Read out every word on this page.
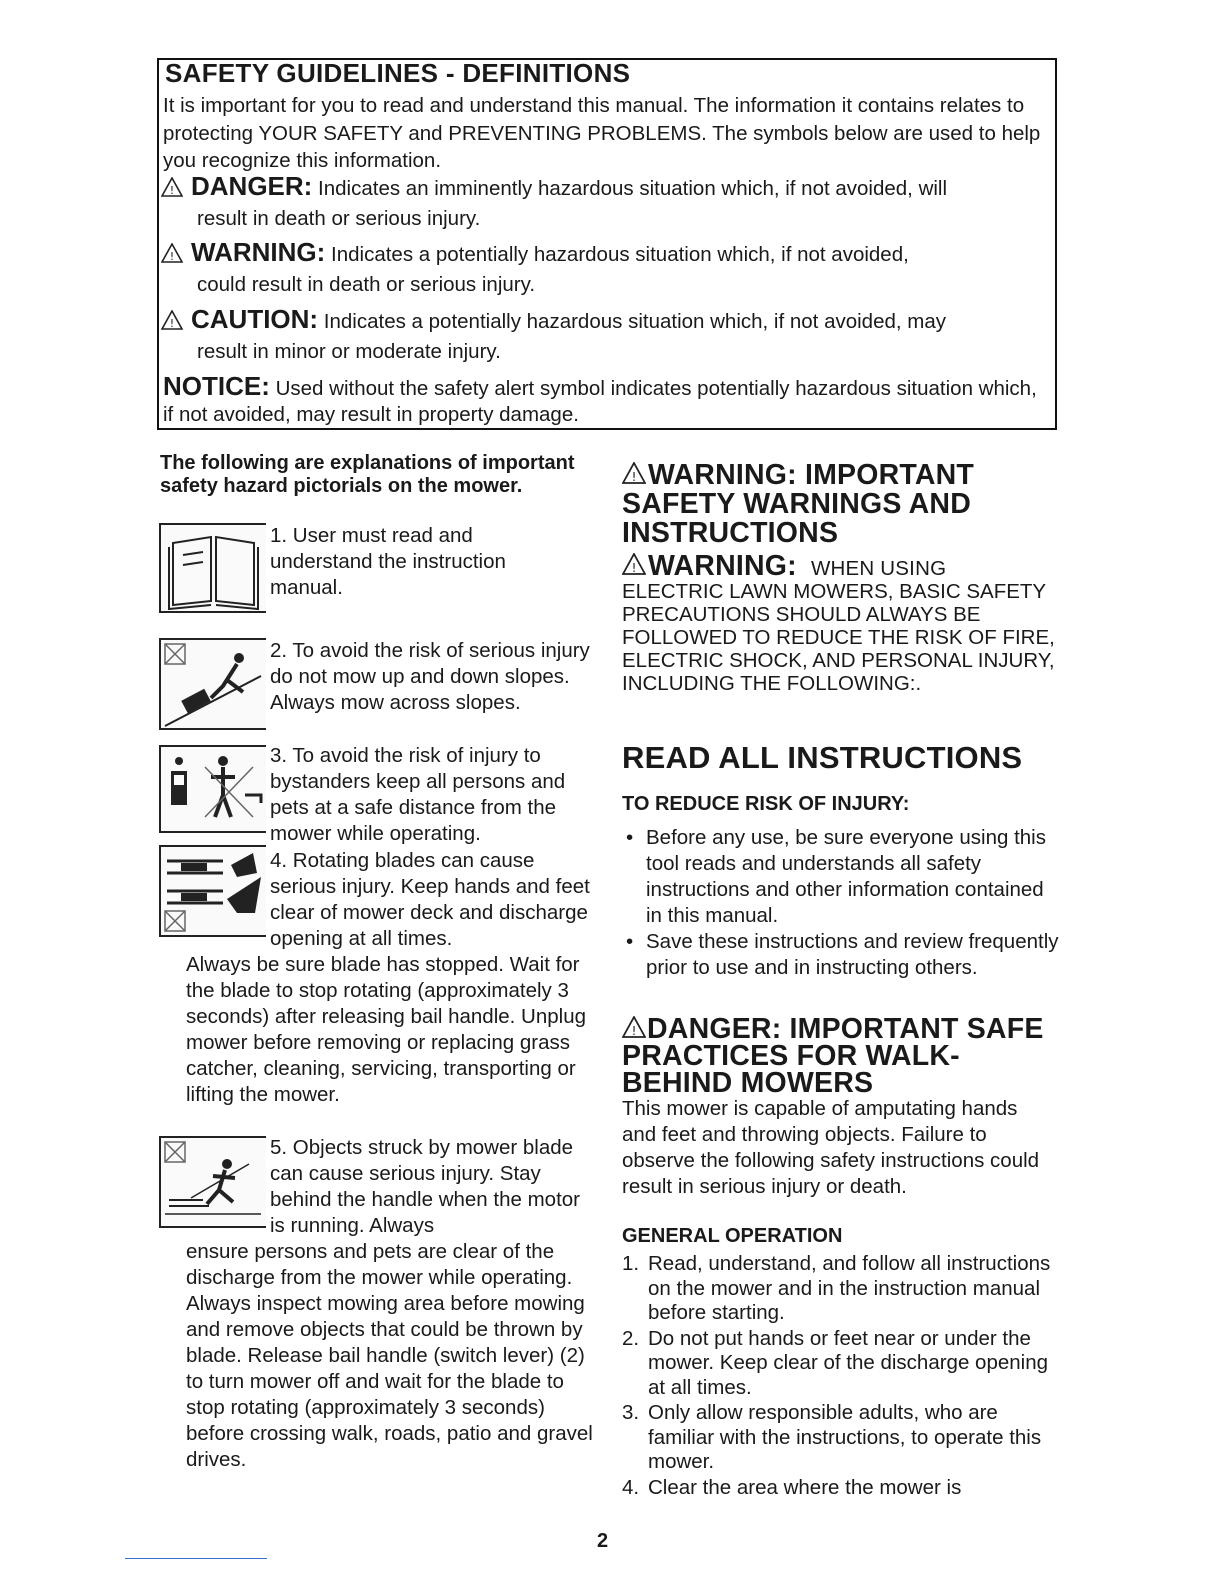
SAFETY GUIDELINES - DEFINITIONS
It is important for you to read and understand this manual. The information it contains relates to protecting YOUR SAFETY and PREVENTING PROBLEMS. The symbols below are used to help you recognize this information.
! DANGER: Indicates an imminently hazardous situation which, if not avoided, will
result in death or serious injury.
! WARNING: Indicates a potentially hazardous situation which, if not avoided,
could result in death or serious injury.
! CAUTION: Indicates a potentially hazardous situation which, if not avoided, may
result in minor or moderate injury.
NOTICE: Used without the safety alert symbol indicates potentially hazardous situation which, if not avoided, may result in property damage.
The following are explanations of important safety hazard pictorials on the mower.
1. User must read and understand the instruction manual.
2. To avoid the risk of serious injury do not mow up and down slopes. Always mow across slopes.
3. To avoid the risk of injury to bystanders keep all persons and pets at a safe distance from the mower while operating.
4. Rotating blades can cause serious injury. Keep hands and feet clear of mower deck and discharge opening at all times.
Always be sure blade has stopped. Wait for the blade to stop rotating (approximately 3 seconds) after releasing bail handle. Unplug mower before removing or replacing grass catcher, cleaning, servicing, transporting or lifting the mower.
5. Objects struck by mower blade can cause serious injury. Stay behind the handle when the motor is running. Always
ensure persons and pets are clear of the discharge from the mower while operating. Always inspect mowing area before mowing and remove objects that could be thrown by blade. Release bail handle (switch lever) (2) to turn mower off and wait for the blade to stop rotating (approximately 3 seconds) before crossing walk, roads, patio and gravel drives.
! WARNING: IMPORTANT
SAFETY WARNINGS AND
INSTRUCTIONS
! WARNING: WHEN USING
ELECTRIC LAWN MOWERS, BASIC SAFETY PRECAUTIONS SHOULD ALWAYS BE FOLLOWED TO REDUCE THE RISK OF FIRE, ELECTRIC SHOCK, AND PERSONAL INJURY, INCLUDING THE FOLLOWING:.
READ ALL INSTRUCTIONS
TO REDUCE RISK OF INJURY:
• Before any use, be sure everyone using this tool reads and understands all safety instructions and other information contained in this manual.
• Save these instructions and review frequently prior to use and in instructing others.
! DANGER: IMPORTANT SAFE
PRACTICES FOR WALK-
BEHIND MOWERS
This mower is capable of amputating hands and feet and throwing objects. Failure to observe the following safety instructions could result in serious injury or death.
GENERAL OPERATION
1. Read, understand, and follow all instructions on the mower and in the instruction manual before starting.
2. Do not put hands or feet near or under the mower. Keep clear of the discharge opening at all times.
3. Only allow responsible adults, who are familiar with the instructions, to operate this mower.
4. Clear the area where the mower is
2
